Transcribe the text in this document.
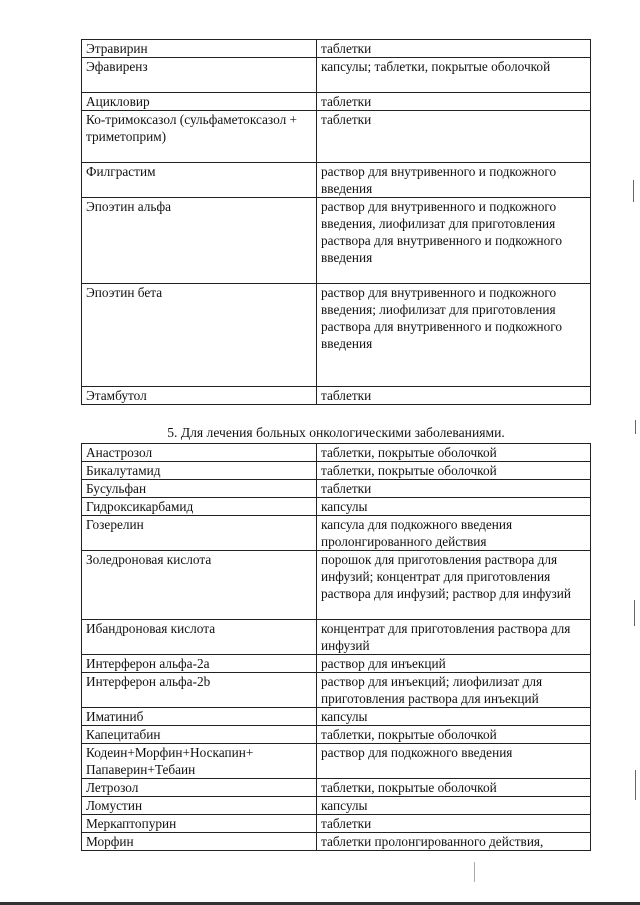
Этравирин	таблетки
Эфавиренз	капсулы; таблетки, покрытые оболочкой
Ацикловир	таблетки
Ко-тримоксазол (сульфаметоксазол + триметоприм)	таблетки
Филграстим	раствор для внутривенного и подкожного введения
Эпоэтин альфа	раствор для внутривенного и подкожного введения, лиофилизат для приготовления раствора для внутривенного и подкожного введения
Эпоэтин бета	раствор для внутривенного и подкожного введения; лиофилизат для приготовления раствора для внутривенного и подкожного введения
Этамбутол	таблетки
5. Для лечения больных онкологическими заболеваниями.
Анастрозол	таблетки, покрытые оболочкой
Бикалутамид	таблетки, покрытые оболочкой
Бусульфан	таблетки
Гидроксикарбамид	капсулы
Гозерелин	капсула для подкожного введения пролонгированного действия
Золедроновая кислота	порошок для приготовления раствора для инфузий; концентрат для приготовления раствора для инфузий; раствор для инфузий
Ибандроновая кислота	концентрат для приготовления раствора для инфузий
Интерферон альфа-2а	раствор для инъекций
Интерферон альфа-2b	раствор для инъекций; лиофилизат для приготовления раствора для инъекций
Иматиниб	капсулы
Капецитабин	таблетки, покрытые оболочкой
Кодеин+Морфин+Носкапин+ Папаверин+Тебаин	раствор для подкожного введения
Летрозол	таблетки, покрытые оболочкой
Ломустин	капсулы
Меркаптопурин	таблетки
Морфин	таблетки пролонгированного действия,
